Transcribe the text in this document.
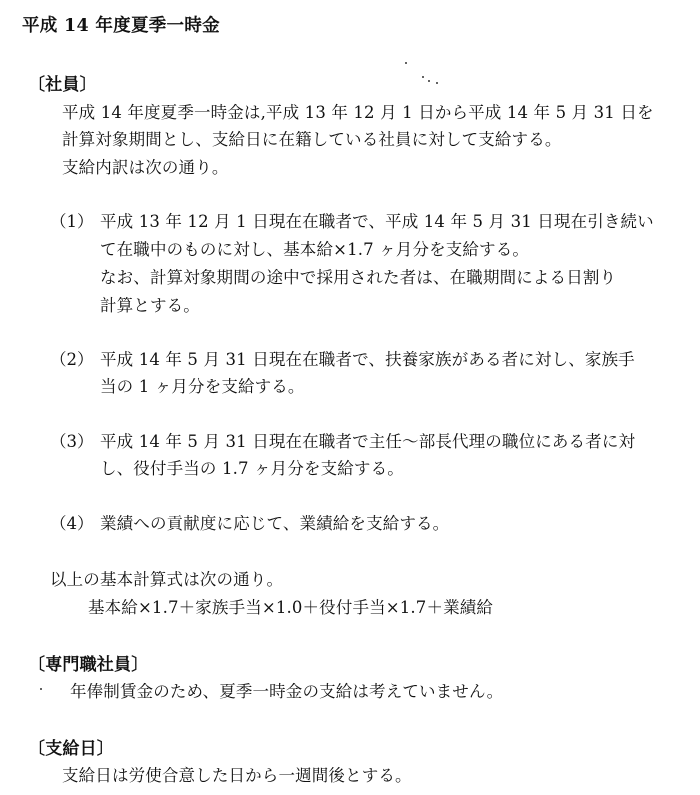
平成 14 年度夏季一時金
〔社員〕
平成 14 年度夏季一時金は,平成 13 年 12 月 1 日から平成 14 年 5 月 31 日を
計算対象期間とし、支給日に在籍している社員に対して支給する。
支給内訳は次の通り。
（1） 平成 13 年 12 月 1 日現在在職者で、平成 14 年 5 月 31 日現在引き続い
て在職中のものに対し、基本給×1.7 ヶ月分を支給する。
なお、計算対象期間の途中で採用された者は、在職期間による日割り
計算とする。
（2） 平成 14 年 5 月 31 日現在在職者で、扶養家族がある者に対し、家族手
当の 1 ヶ月分を支給する。
（3） 平成 14 年 5 月 31 日現在在職者で主任～部長代理の職位にある者に対
し、役付手当の 1.7 ヶ月分を支給する。
（4） 業績への貢献度に応じて、業績給を支給する。
以上の基本計算式は次の通り。
基本給×1.7＋家族手当×1.0＋役付手当×1.7＋業績給
〔専門職社員〕
年俸制賃金のため、夏季一時金の支給は考えていません。
〔支給日〕
支給日は労使合意した日から一週間後とする。
